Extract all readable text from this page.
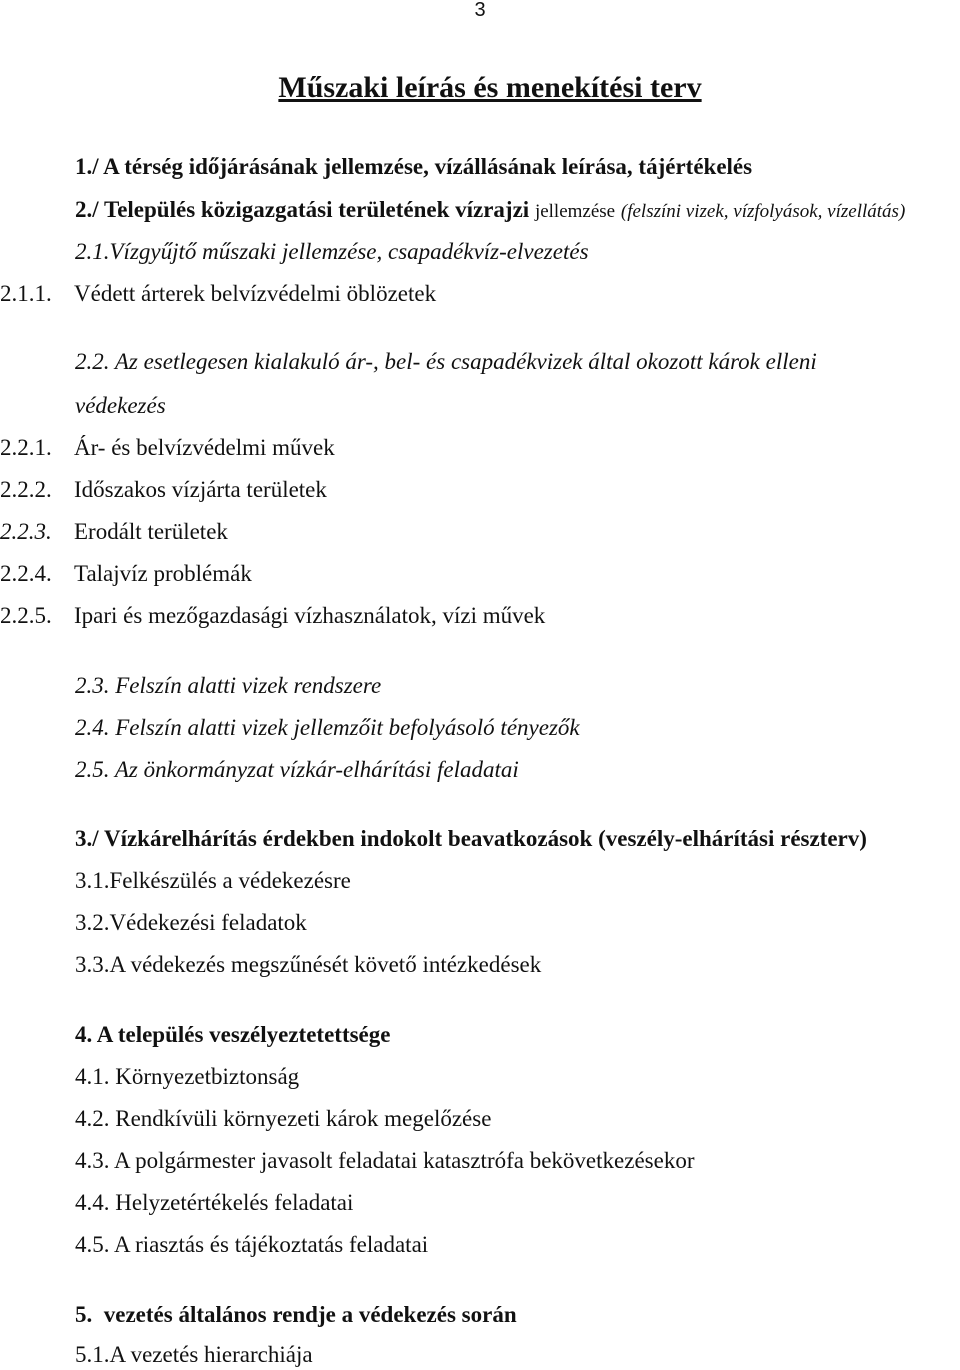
3
Műszaki leírás és menekítési terv
1./ A térség időjárásának jellemzése, vízállásának leírása, tájértékelés
2./ Település közigazgatási területének vízrajzi jellemzése (felszíni vizek, vízfolyások, vízellátás)
2.1.Vízgyűjtő műszaki jellemzése, csapadékvíz-elvezetés
2.1.1. Védett árterek belvízvédelmi öblözetek
2.2. Az esetlegesen kialakuló ár-, bel- és csapadékvizek által okozott károk elleni
védekezés
2.2.1. Ár- és belvízvédelmi művek
2.2.2. Időszakos vízjárta területek
2.2.3. Erodált területek
2.2.4. Talajvíz problémák
2.2.5. Ipari és mezőgazdasági vízhasználatok, vízi művek
2.3. Felszín alatti vizek rendszere
2.4. Felszín alatti vizek jellemzőit befolyásoló tényezők
2.5. Az önkormányzat vízkár-elhárítási feladatai
3./ Vízkárelhárítás érdekben indokolt beavatkozások (veszély-elhárítási részterv)
3.1.Felkészülés a védekezésre
3.2.Védekezési feladatok
3.3.A védekezés megszűnését követő intézkedések
4. A település veszélyeztetettsége
4.1. Környezetbiztonság
4.2. Rendkívüli környezeti károk megelőzése
4.3. A polgármester javasolt feladatai katasztrófa bekövetkezésekor
4.4. Helyzetértékelés feladatai
4.5. A riasztás és tájékoztatás feladatai
5.  vezetés általános rendje a védekezés során
5.1.A vezetés hierarchiája
